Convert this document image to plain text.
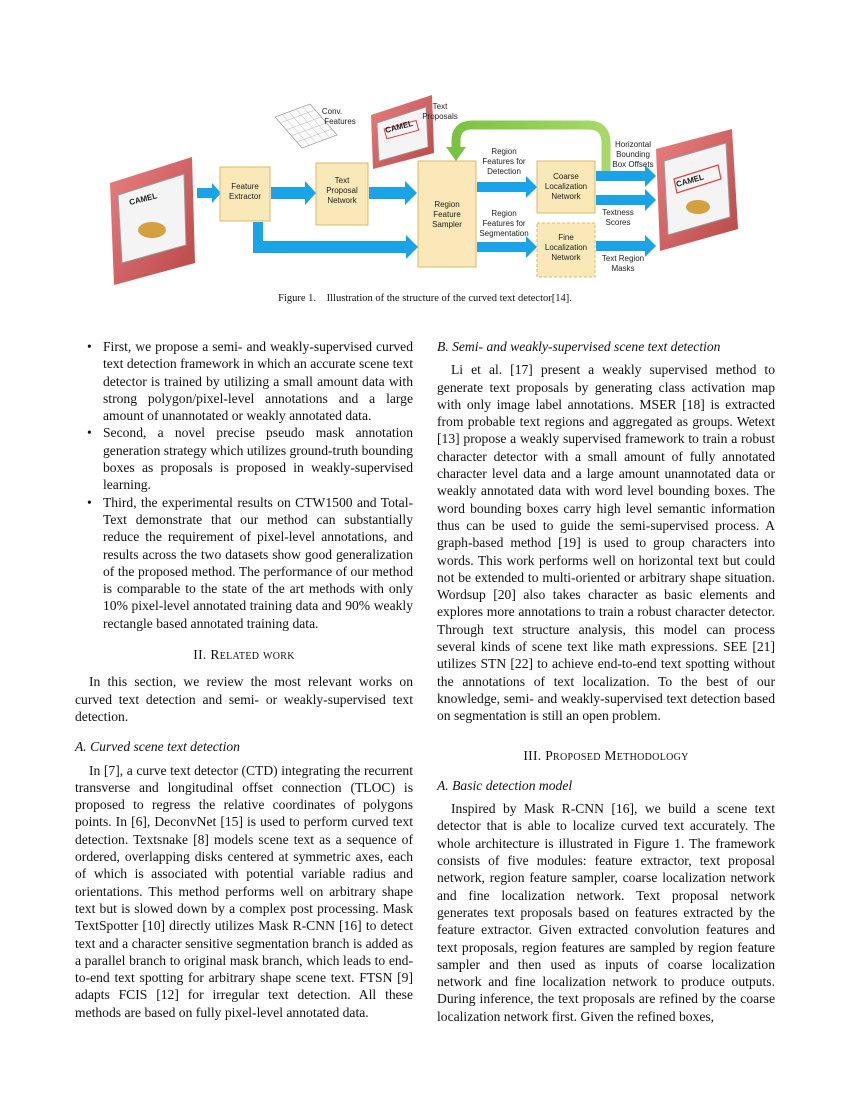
CAMEL
Feature
Extractor
Conv.
Features
Text
Proposal
Network
CAMEL
Text
Proposals
Region
Feature
Sampler
Region
Features for
Detection
Region
Features for
Segmentation
Coarse
Localization
Network
Fine
Localization
Network
Horizontal
Bounding
Box Offsets
Textness
Scores
Text Region
Masks
CAMEL
Figure 1. Illustration of the structure of the curved text detector[14].
• First, we propose a semi- and weakly-supervised curved text detection framework in which an accurate scene text detector is trained by utilizing a small amount data with strong polygon/pixel-level annotations and a large amount of unannotated or weakly annotated data.
• Second, a novel precise pseudo mask annotation generation strategy which utilizes ground-truth bounding boxes as proposals is proposed in weakly-supervised learning.
• Third, the experimental results on CTW1500 and Total-Text demonstrate that our method can substantially reduce the requirement of pixel-level annotations, and results across the two datasets show good generalization of the proposed method. The performance of our method is comparable to the state of the art methods with only 10% pixel-level annotated training data and 90% weakly rectangle based annotated training data.
II. Related work

In this section, we review the most relevant works on curved text detection and semi- or weakly-supervised text detection.

A. Curved scene text detection

In [7], a curve text detector (CTD) integrating the recurrent transverse and longitudinal offset connection (TLOC) is proposed to regress the relative coordinates of polygons points. In [6], DeconvNet [15] is used to perform curved text detection. Textsnake [8] models scene text as a sequence of ordered, overlapping disks centered at symmetric axes, each of which is associated with potential variable radius and orientations. This method performs well on arbitrary shape text but is slowed down by a complex post processing. Mask TextSpotter [10] directly utilizes Mask R-CNN [16] to detect text and a character sensitive segmentation branch is added as a parallel branch to original mask branch, which leads to end-to-end text spotting for arbitrary shape scene text. FTSN [9] adapts FCIS [12] for irregular text detection. All these methods are based on fully pixel-level annotated data.

B. Semi- and weakly-supervised scene text detection

Li et al. [17] present a weakly supervised method to generate text proposals by generating class activation map with only image label annotations. MSER [18] is extracted from probable text regions and aggregated as groups. Wetext [13] propose a weakly supervised framework to train a robust character detector with a small amount of fully annotated character level data and a large amount unannotated data or weakly annotated data with word level bounding boxes. The word bounding boxes carry high level semantic information thus can be used to guide the semi-supervised process. A graph-based method [19] is used to group characters into words. This work performs well on horizontal text but could not be extended to multi-oriented or arbitrary shape situation. Wordsup [20] also takes character as basic elements and explores more annotations to train a robust character detector. Through text structure analysis, this model can process several kinds of scene text like math expressions. SEE [21] utilizes STN [22] to achieve end-to-end text spotting without the annotations of text localization. To the best of our knowledge, semi- and weakly-supervised text detection based on segmentation is still an open problem.

III. Proposed Methodology
A. Basic detection model

Inspired by Mask R-CNN [16], we build a scene text detector that is able to localize curved text accurately. The whole architecture is illustrated in Figure 1. The framework consists of five modules: feature extractor, text proposal network, region feature sampler, coarse localization network and fine localization network. Text proposal network generates text proposals based on features extracted by the feature extractor. Given extracted convolution features and text proposals, region features are sampled by region feature sampler and then used as inputs of coarse localization network and fine localization network to produce outputs. During inference, the text proposals are refined by the coarse localization network first. Given the refined boxes,
